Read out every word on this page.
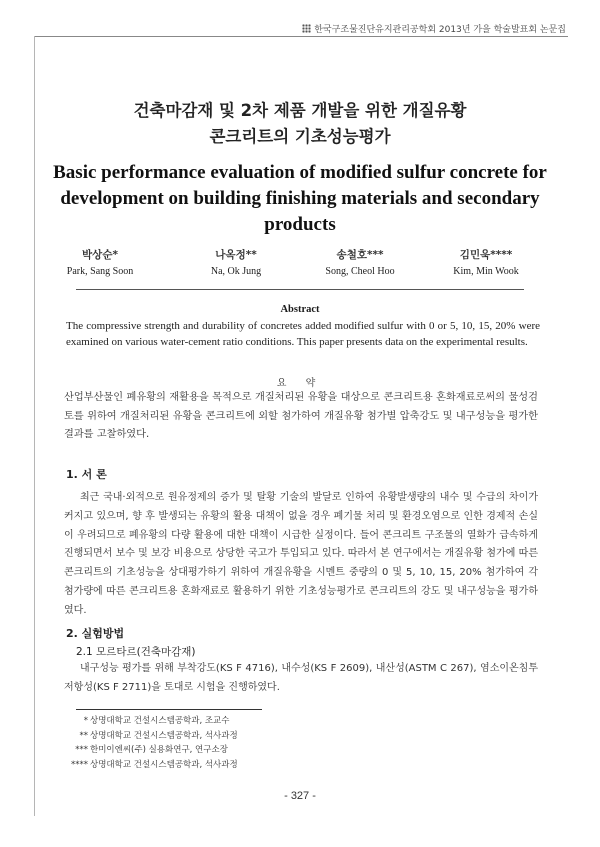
한국구조물진단유지관리공학회 2013년 가을 학술발표회 논문집
건축마감재 및 2차 제품 개발을 위한 개질유황
콘크리트의 기초성능평가
Basic performance evaluation of modified sulfur concrete for development on building finishing materials and secondary products
박상순*
Park, Sang Soon
나옥정**
Na, Ok Jung
송철호***
Song, Cheol Hoo
김민욱****
Kim, Min Wook
Abstract
The compressive strength and durability of concretes added modified sulfur with 0 or 5, 10, 15, 20% were examined on various water-cement ratio conditions. This paper presents data on the experimental results.
요 약
산업부산물인 폐유황의 재활용을 목적으로 개질처리된 유황을 대상으로 콘크리트용 혼화재료로써의 물성검토를 위하여 개질처리된 유황을 콘크리트에 외할 첨가하여 개질유황 첨가별 압축강도 및 내구성능을 평가한 결과를 고찰하였다.
1. 서 론
최근 국내·외적으로 원유정제의 증가 및 탈황 기술의 발달로 인하여 유황발생량의 내수 및 수급의 차이가 커지고 있으며, 향 후 발생되는 유황의 활용 대책이 없을 경우 폐기물 처리 및 환경오염으로 인한 경제적 손실이 우려되므로 폐유황의 다량 활용에 대한 대책이 시급한 실정이다. 들어 콘크리트 구조물의 열화가 급속하게 진행되면서 보수 및 보강 비용으로 상당한 국고가 투입되고 있다. 따라서 본 연구에서는 개질유황 첨가에 따른 콘크리트의 기초성능을 상대평가하기 위하여 개질유황을 시멘트 중량의 0 및 5, 10, 15, 20% 첨가하여 각 첨가량에 따른 콘크리트용 혼화재료로 활용하기 위한 기초성능평가로 콘크리트의 강도 및 내구성능을 평가하였다.
2. 실험방법
2.1 모르타르(건축마감재)
내구성능 평가를 위해 부착강도(KS F 4716), 내수성(KS F 2609), 내산성(ASTM C 267), 염소이온침투저항성(KS F 2711)을 토대로 시험을 진행하였다.
* 상명대학교 건설시스템공학과, 조교수
** 상명대학교 건설시스템공학과, 석사과정
*** 한미이엔씨(주) 실용화연구, 연구소장
**** 상명대학교 건설시스템공학과, 석사과정
- 327 -
